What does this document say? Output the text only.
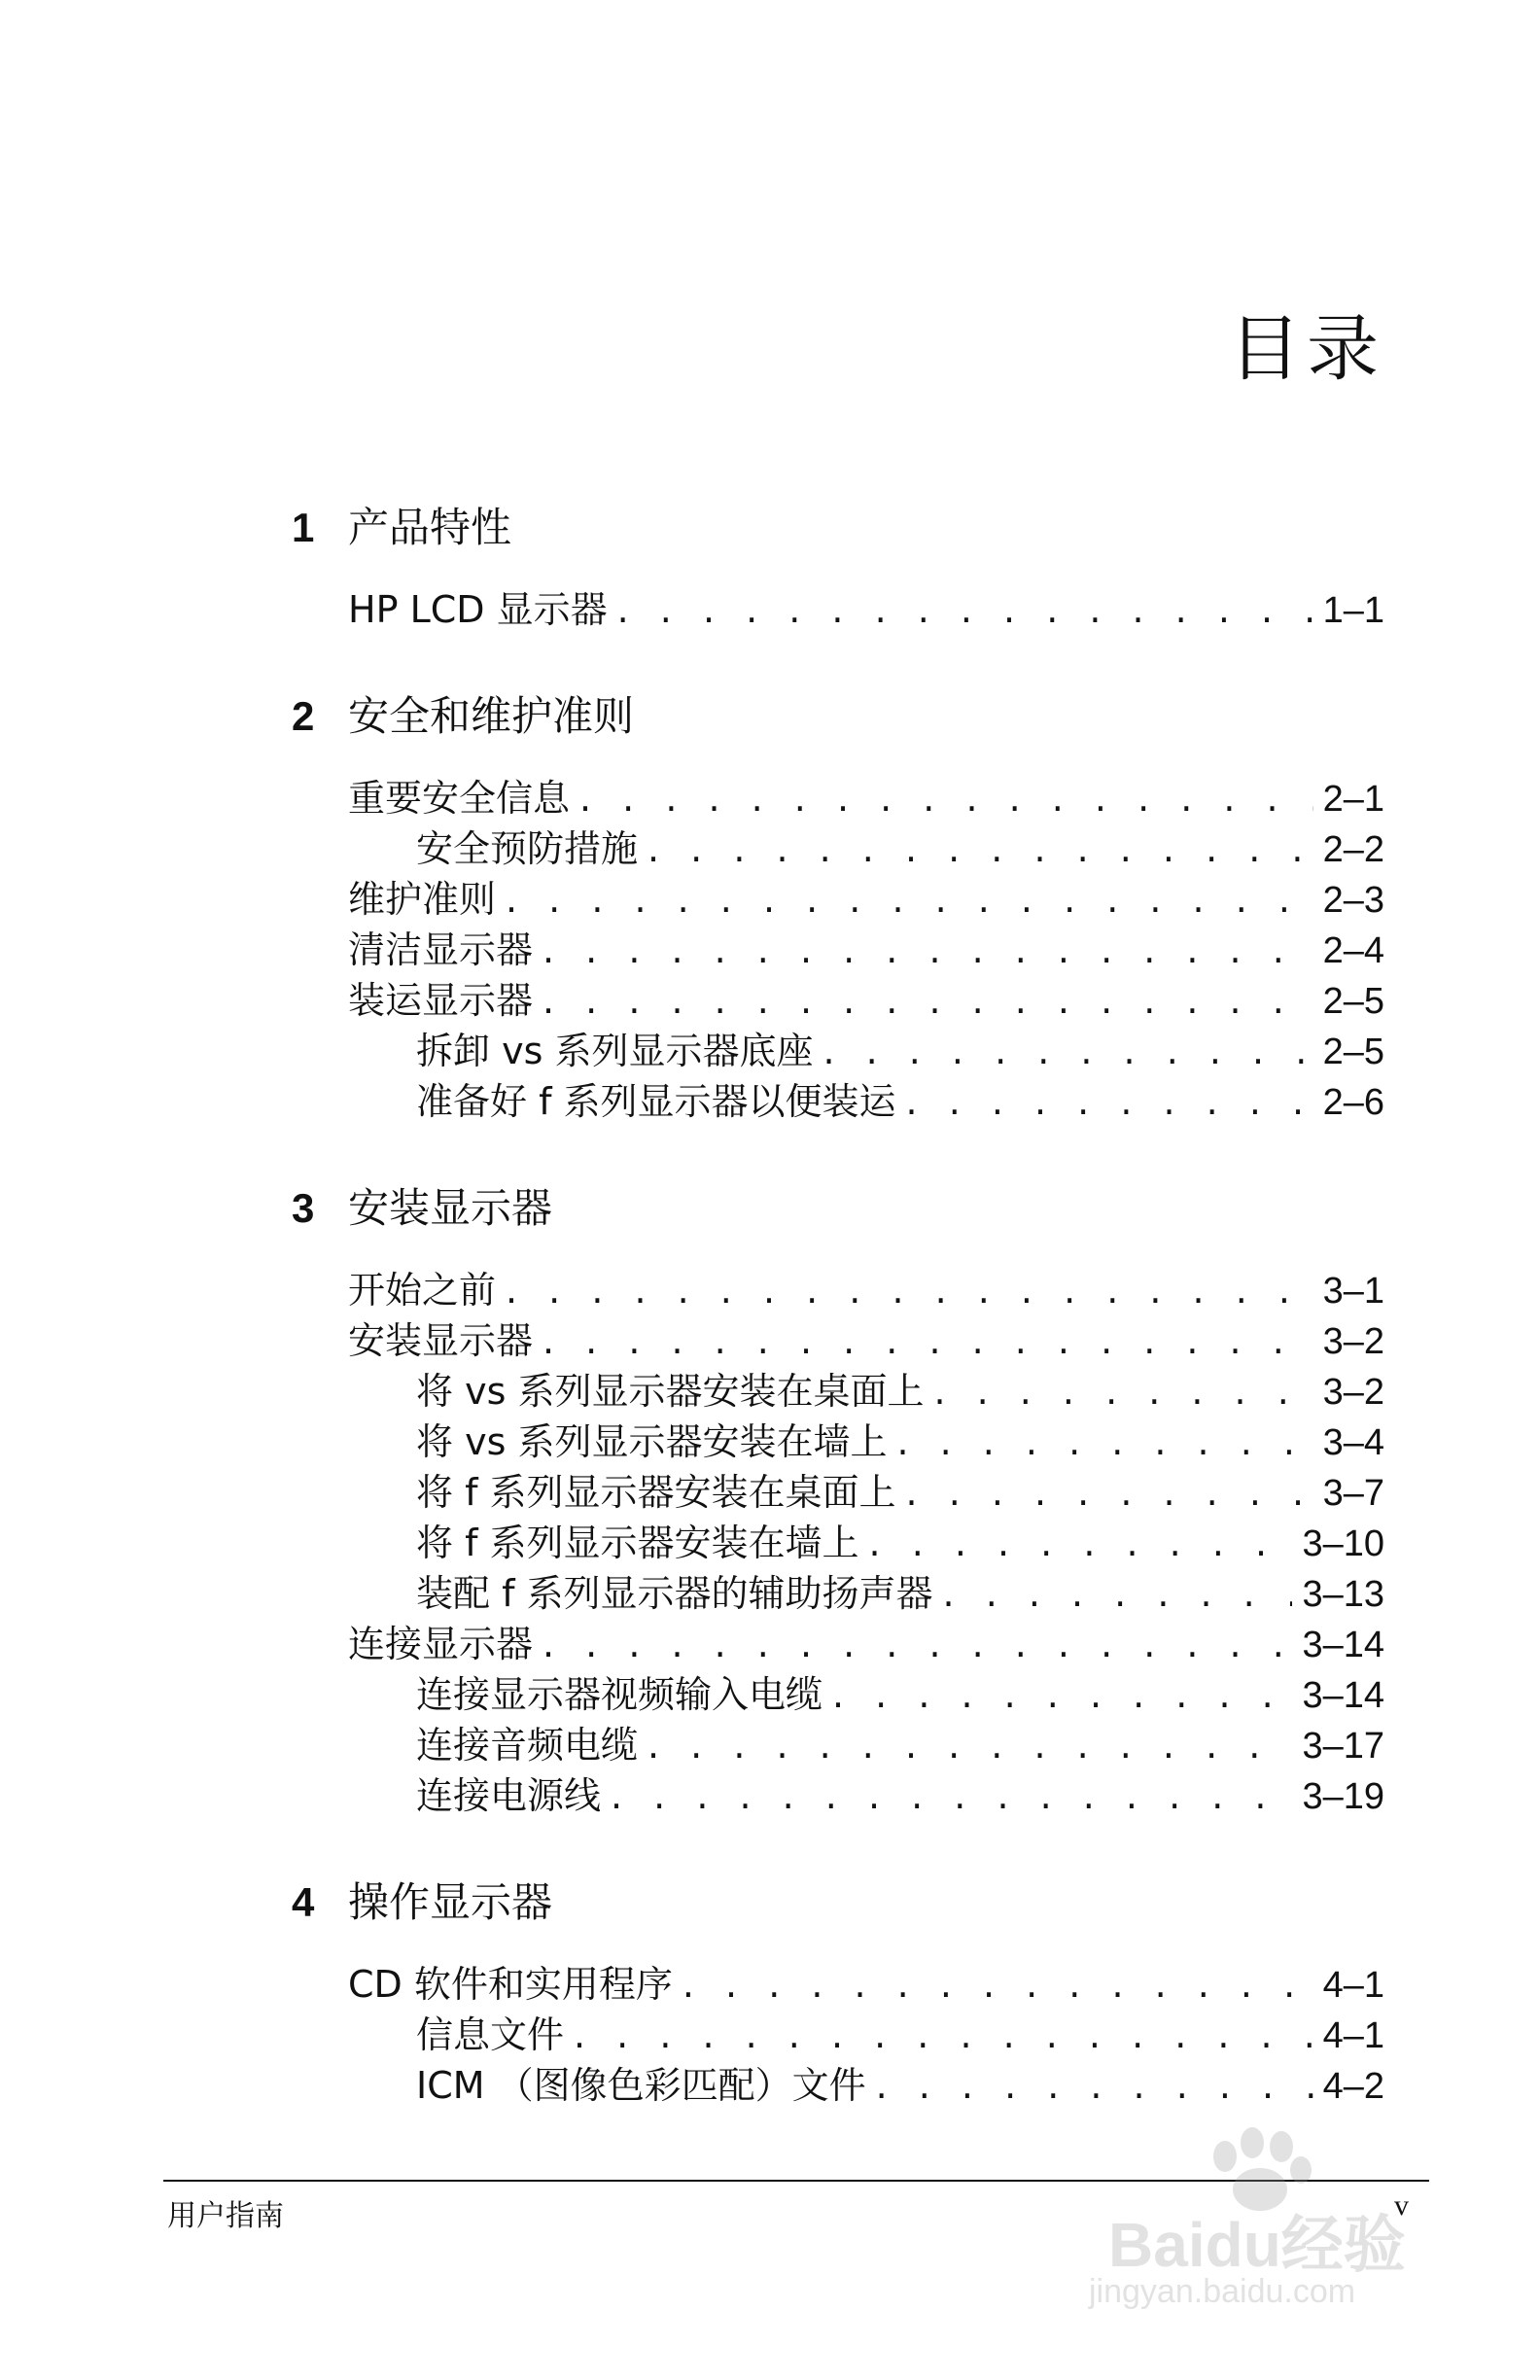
目录
1 产品特性
HP LCD 显示器 . . .	1–1
2 安全和维护准则
重要安全信息 . . .	2–1
安全预防措施 . . .	2–2
维护准则 . . .	2–3
清洁显示器 . . .	2–4
装运显示器 . . .	2–5
拆卸 vs 系列显示器底座 . . .	2–5
准备好 f 系列显示器以便装运 . . .	2–6
3 安装显示器
开始之前 . . .	3–1
安装显示器 . . .	3–2
将 vs 系列显示器安装在桌面上 . . .	3–2
将 vs 系列显示器安装在墙上 . . .	3–4
将 f 系列显示器安装在桌面上 . . .	3–7
将 f 系列显示器安装在墙上 . . .	3–10
装配 f 系列显示器的辅助扬声器 . . .	3–13
连接显示器 . . .	3–14
连接显示器视频输入电缆 . . .	3–14
连接音频电缆 . . .	3–17
连接电源线 . . .	3–19
4 操作显示器
CD 软件和实用程序 . . .	4–1
信息文件 . . .	4–1
ICM （图像色彩匹配）文件 . . .	4–2
用户指南	v
Baidu经验
jingyan.baidu.com
